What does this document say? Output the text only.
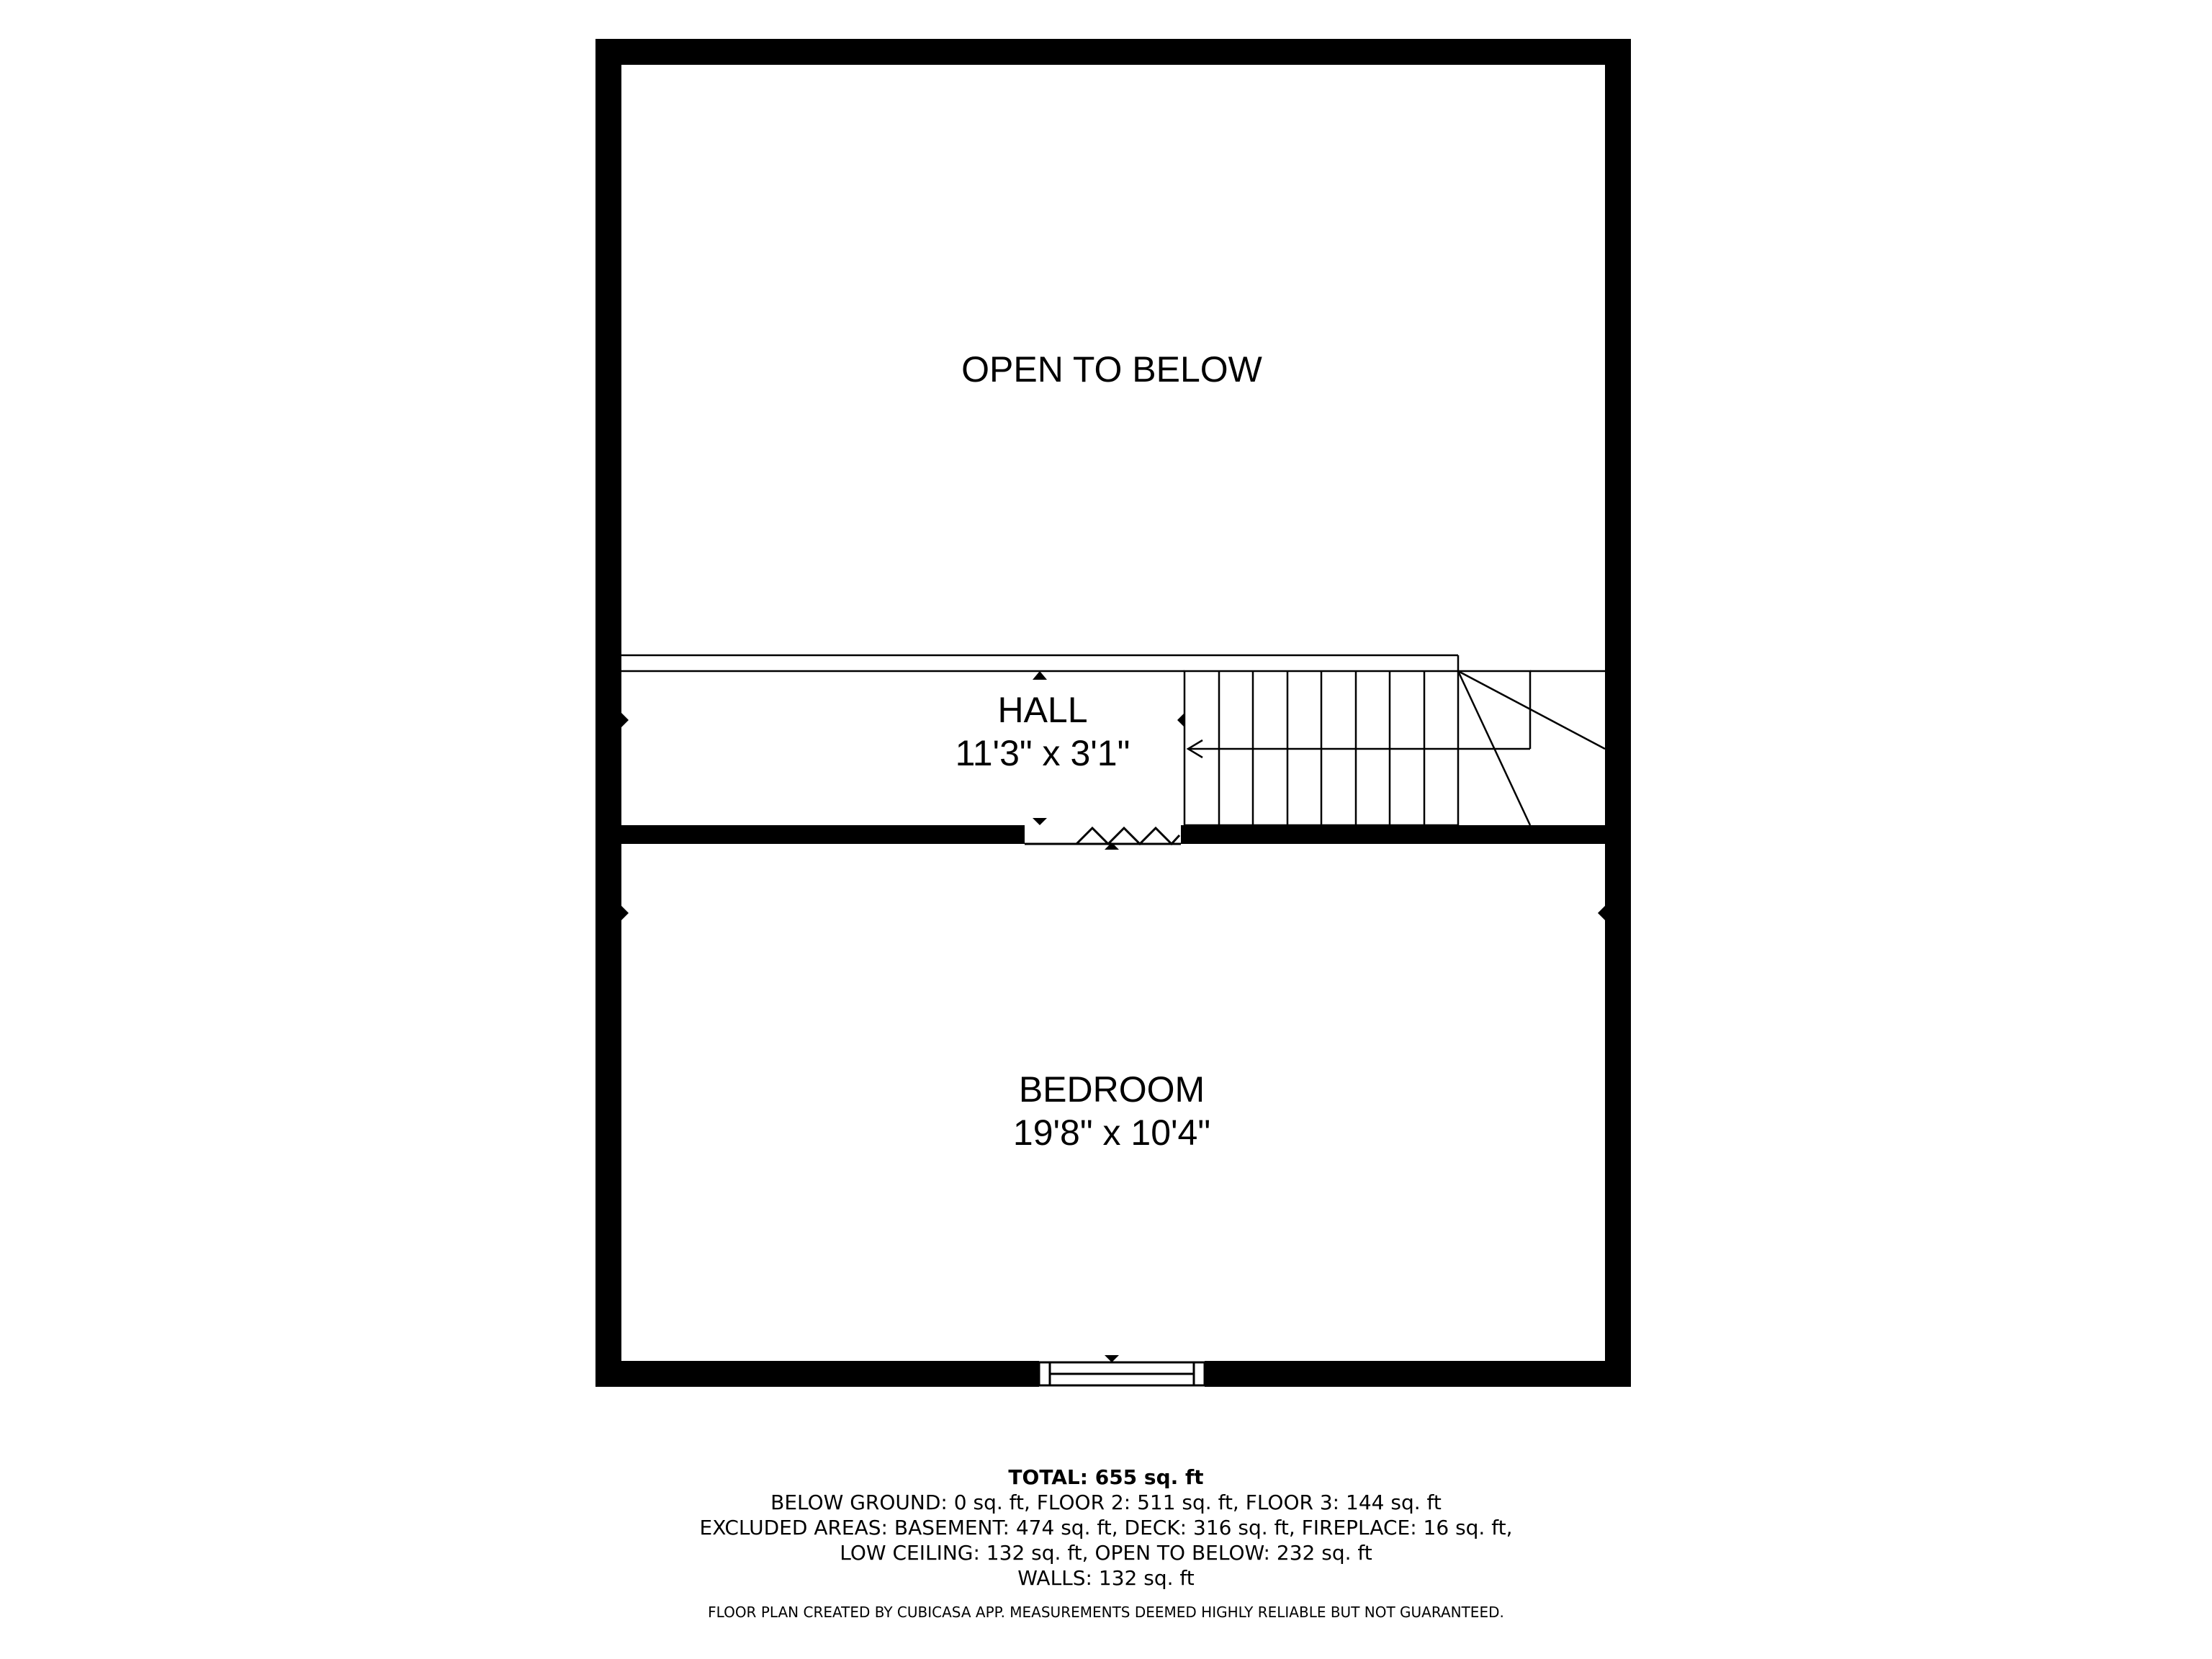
OPEN TO BELOW
HALL
11'3" x 3'1"
BEDROOM
19'8" x 10'4"
TOTAL: 655 sq. ft
BELOW GROUND: 0 sq. ft, FLOOR 2: 511 sq. ft, FLOOR 3: 144 sq. ft
EXCLUDED AREAS: BASEMENT: 474 sq. ft, DECK: 316 sq. ft, FIREPLACE: 16 sq. ft,
LOW CEILING: 132 sq. ft, OPEN TO BELOW: 232 sq. ft
WALLS: 132 sq. ft
FLOOR PLAN CREATED BY CUBICASA APP. MEASUREMENTS DEEMED HIGHLY RELIABLE BUT NOT GUARANTEED.
